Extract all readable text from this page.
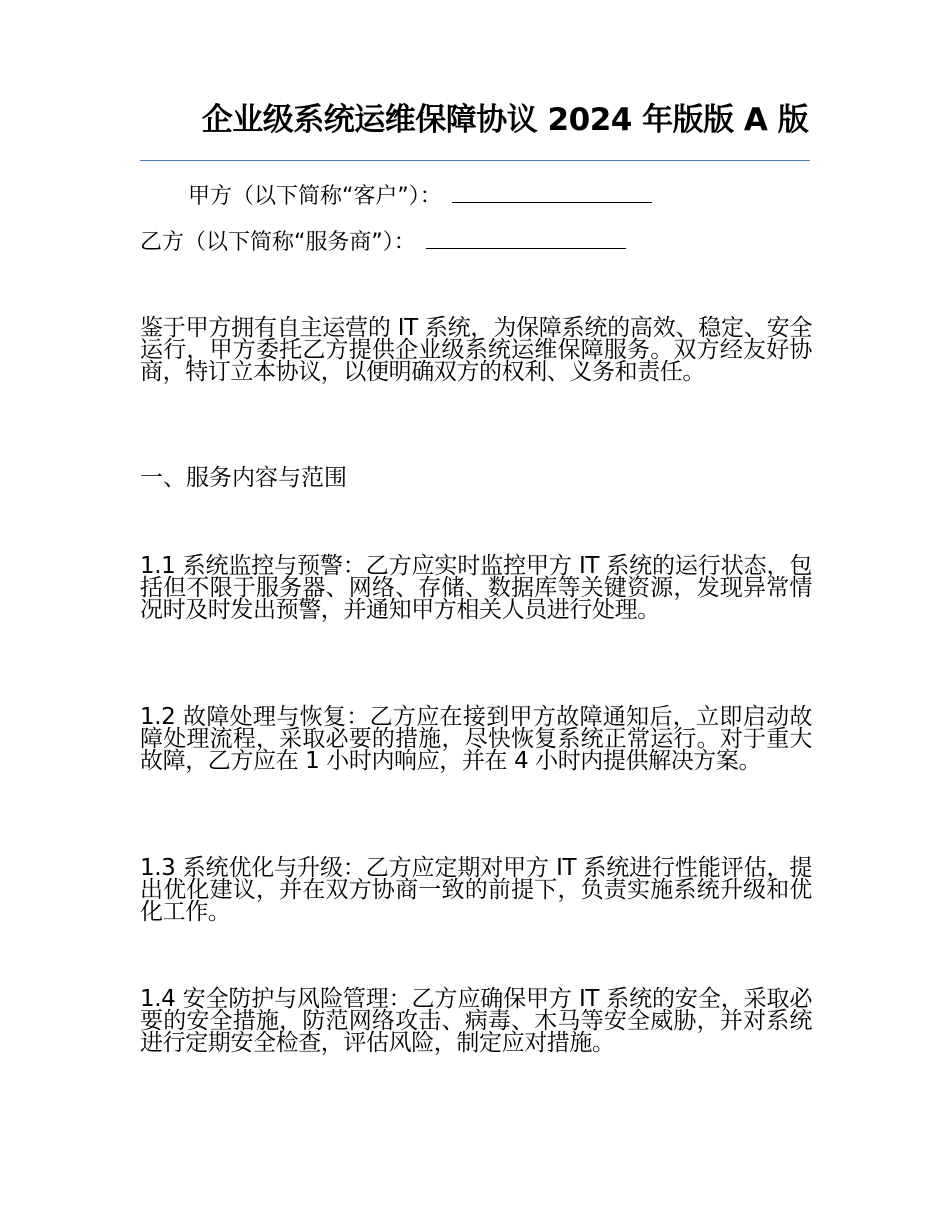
企业级系统运维保障协议 2024 年版版 A 版
甲方（以下简称“客户”）：
乙方（以下简称“服务商”）：
鉴于甲方拥有自主运营的 IT 系统，为保障系统的高效、稳定、安全运行，甲方委托乙方提供企业级系统运维保障服务。双方经友好协商，特订立本协议，以便明确双方的权利、义务和责任。
一、服务内容与范围
1.1 系统监控与预警：乙方应实时监控甲方 IT 系统的运行状态，包括但不限于服务器、网络、存储、数据库等关键资源，发现异常情况时及时发出预警，并通知甲方相关人员进行处理。
1.2 故障处理与恢复：乙方应在接到甲方故障通知后，立即启动故障处理流程，采取必要的措施，尽快恢复系统正常运行。对于重大故障，乙方应在 1 小时内响应，并在 4 小时内提供解决方案。
1.3 系统优化与升级：乙方应定期对甲方 IT 系统进行性能评估，提出优化建议，并在双方协商一致的前提下，负责实施系统升级和优化工作。
1.4 安全防护与风险管理：乙方应确保甲方 IT 系统的安全，采取必要的安全措施，防范网络攻击、病毒、木马等安全威胁，并对系统进行定期安全检查，评估风险，制定应对措施。
